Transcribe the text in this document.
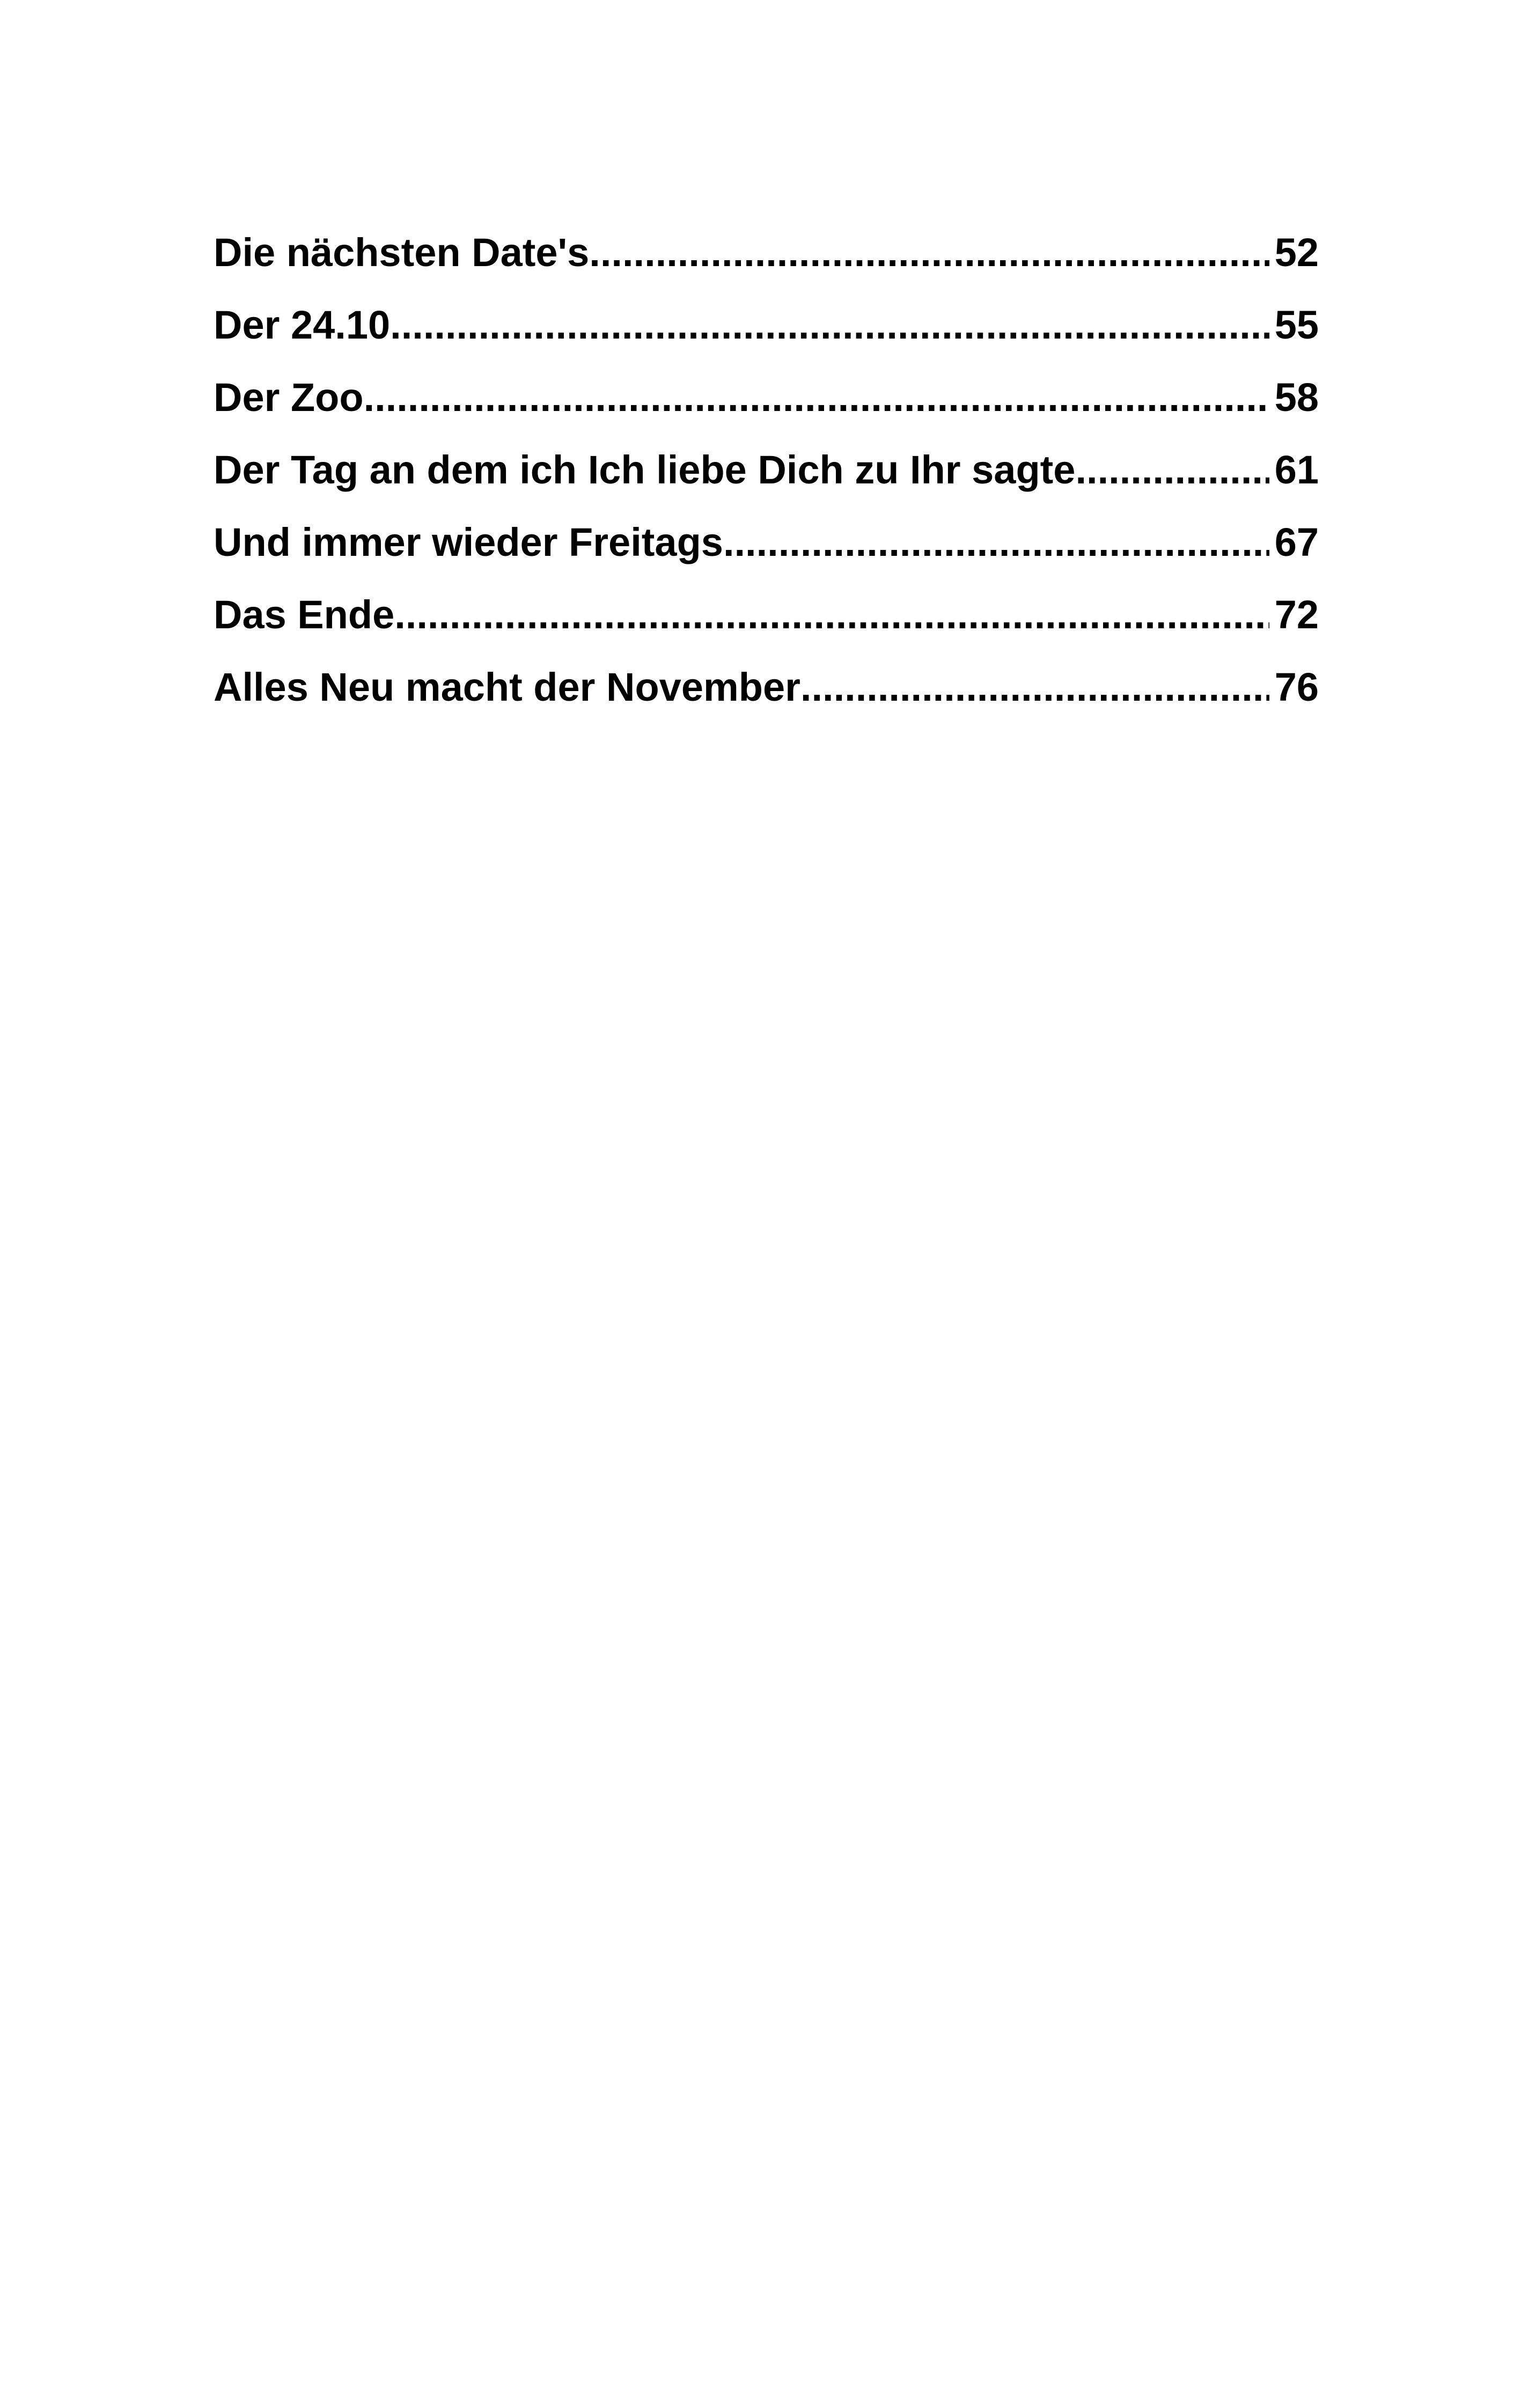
Die nächsten Date's .....	52
Der 24.10 .....	55
Der Zoo .....	58
Der Tag an dem ich Ich liebe Dich zu Ihr sagte .....	61
Und immer wieder Freitags .....	67
Das Ende .....	72
Alles Neu macht der November .....	76
